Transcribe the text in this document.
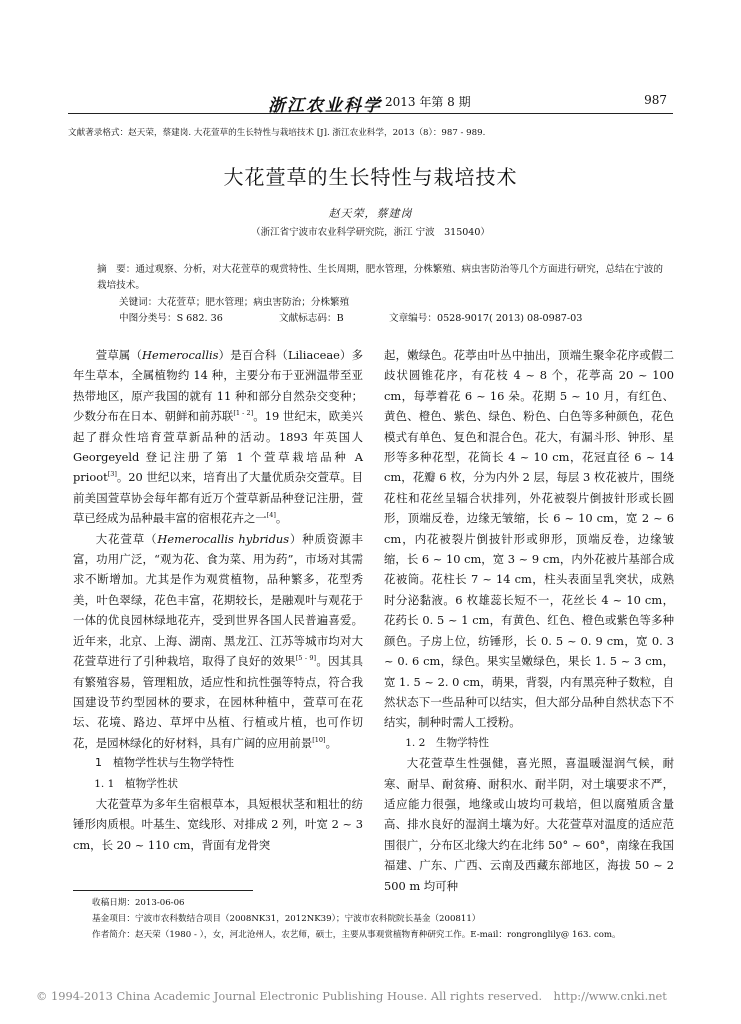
浙江农业科学 2013 年第 8 期	987
文献著录格式：赵天荣，蔡建岗. 大花萱草的生长特性与栽培技术 [J]. 浙江农业科学，2013（8）：987 - 989.
大花萱草的生长特性与栽培技术
赵天荣，蔡建岗
（浙江省宁波市农业科学研究院，浙江 宁波　315040）
摘　要：通过观察、分析，对大花萱草的观赏特性、生长周期，肥水管理，分株繁殖、病虫害防治等几个方面进行研究，总结在宁波的栽培技术。
关键词：大花萱草；肥水管理；病虫害防治；分株繁殖
中图分类号：S 682. 36	文献标志码：B	文章编号：0528-9017( 2013) 08-0987-03

萱草属（Hemerocallis）是百合科（Liliaceae）多年生草本，全属植物约 14 种，主要分布于亚洲温带至亚热带地区，原产我国的就有 11 种和部分自然杂交变种；少数分布在日本、朝鲜和前苏联[1 - 2]。19 世纪末，欧美兴起了群众性培育萱草新品种的活动。1893 年英国人 Georgeyeld 登记注册了第 1 个萱草栽培品种 A prioot[3]。20 世纪以来，培育出了大量优质杂交萱草。目前美国萱草协会每年都有近万个萱草新品种登记注册，萱草已经成为品种最丰富的宿根花卉之一[4]。

大花萱草（Hemerocallis hybridus）种质资源丰富，功用广泛，“观为花、食为菜、用为药”，市场对其需求不断增加。尤其是作为观赏植物，品种繁多，花型秀美，叶色翠绿，花色丰富，花期较长，是融观叶与观花于一体的优良园林绿地花卉，受到世界各国人民普遍喜爱。近年来，北京、上海、湖南、黑龙江、江苏等城市均对大花萱草进行了引种栽培，取得了良好的效果[5 - 9]。因其具有繁殖容易，管理粗放，适应性和抗性强等特点，符合我国建设节约型园林的要求，在园林种植中，萱草可在花坛、花境、路边、草坪中丛植、行植或片植，也可作切花，是园林绿化的好材料，具有广阔的应用前景[10]。

1　植物学性状与生物学特性

1. 1　植物学性状

大花萱草为多年生宿根草本，具短根状茎和粗壮的纺锤形肉质根。叶基生、宽线形、对排成 2 列，叶宽 2 ~ 3 cm，长 20 ~ 110 cm，背面有龙骨突

起，嫩绿色。花葶由叶丛中抽出，顶端生聚伞花序或假二歧状圆锥花序，有花枝 4 ~ 8 个，花葶高 20 ~ 100 cm，每葶着花 6 ~ 16 朵。花期 5 ~ 10 月，有红色、黄色、橙色、紫色、绿色、粉色、白色等多种颜色，花色模式有单色、复色和混合色。花大，有漏斗形、钟形、星形等多种花型，花筒长 4 ~ 10 cm，花冠直径 6 ~ 14 cm，花瓣 6 枚，分为内外 2 层，每层 3 枚花被片，围绕花柱和花丝呈辐合状排列，外花被裂片倒披针形或长圆形，顶端反卷，边缘无皱缩，长 6 ~ 10 cm，宽 2 ~ 6 cm，内花被裂片倒披针形或卵形，顶端反卷，边缘皱缩，长 6 ~ 10 cm，宽 3 ~ 9 cm，内外花被片基部合成花被筒。花柱长 7 ~ 14 cm，柱头表面呈乳突状，成熟时分泌黏液。6 枚雄蕊长短不一，花丝长 4 ~ 10 cm，花药长 0. 5 ~ 1 cm，有黄色、红色、橙色或紫色等多种颜色。子房上位，纺锤形，长 0. 5 ~ 0. 9 cm，宽 0. 3 ~ 0. 6 cm，绿色。果实呈嫩绿色，果长 1. 5 ~ 3 cm，宽 1. 5 ~ 2. 0 cm，萌果，背裂，内有黑亮种子数粒，自然状态下一些品种可以结实，但大部分品种自然状态下不结实，制种时需人工授粉。

1. 2　生物学特性

大花萱草生性强健，喜光照，喜温暖湿润气候，耐寒、耐旱、耐贫瘠、耐积水、耐半阴，对土壤要求不严，适应能力很强，地缘或山坡均可栽培，但以腐殖质含量高、排水良好的湿润土壤为好。大花萱草对温度的适应范围很广，分布区北缘大约在北纬 50° ~ 60°，南缘在我国福建、广东、广西、云南及西藏东部地区，海拔 50 ~ 2 500 m 均可种

收稿日期：2013-06-06
基金项目：宁波市农科数结合项目（2008NK31，2012NK39）；宁波市农科院院长基金（200811）
作者简介：赵天荣（1980 - ），女，河北沧州人，农艺师，硕士，主要从事观赏植物育种研究工作。E-mail：rongronglily@ 163. com。
© 1994-2013 China Academic Journal Electronic Publishing House. All rights reserved.　http://www.cnki.net
